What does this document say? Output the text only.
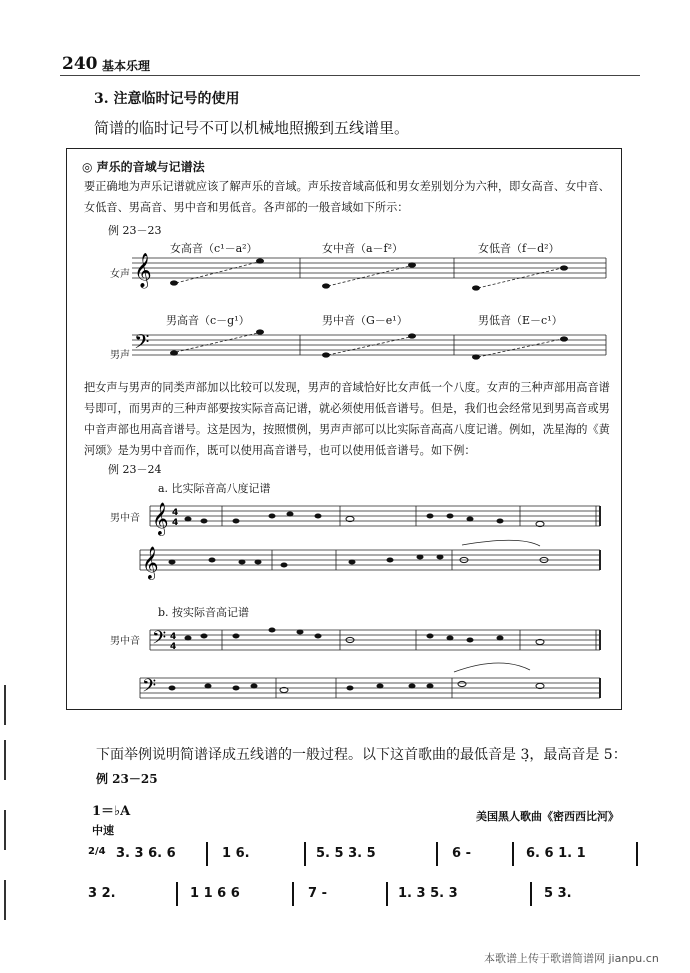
240 基本乐理
3. 注意临时记号的使用
简谱的临时记号不可以机械地照搬到五线谱里。
◎ 声乐的音域与记谱法
要正确地为声乐记谱就应该了解声乐的音域。声乐按音域高低和男女差别划分为六种，即女高音、女中音、女低音、男高音、男中音和男低音。各声部的一般音域如下所示：
例 23－23
女高音（c¹－a²）	女中音（a－f²）	女低音（f－d²）
女声
男高音（c－g¹）	男中音（G－e¹）	男低音（E－c¹）
男声
𝄞
𝄢
把女声与男声的同类声部加以比较可以发现，男声的音域恰好比女声低一个八度。女声的三种声部用高音谱号即可，而男声的三种声部要按实际音高记谱，就必须使用低音谱号。但是，我们也会经常见到男高音或男中音声部也用高音谱号。这是因为，按照惯例，男声声部可以比实际音高高八度记谱。例如，冼星海的《黄河颂》是为男中音而作，既可以使用高音谱号，也可以使用低音谱号。如下例：
例 23－24
a. 比实际音高八度记谱
男中音
b. 按实际音高记谱
男中音
𝄞
𝄞
𝄢
𝄢
4
4
4
4
下面举例说明简谱译成五线谱的一般过程。以下这首歌曲的最低音是 3̣，最高音是 5：
例 23－25
1＝♭A
中速
美国黑人歌曲《密西西比河》
2/4 3. 3 6. 6	1 6.	5. 5 3. 5	6 -	6. 6 1. 1
3 2.	1 1 6 6	7 -	1. 3 5. 3	5 3.
本歌谱上传于歌谱简谱网 jianpu.cn
